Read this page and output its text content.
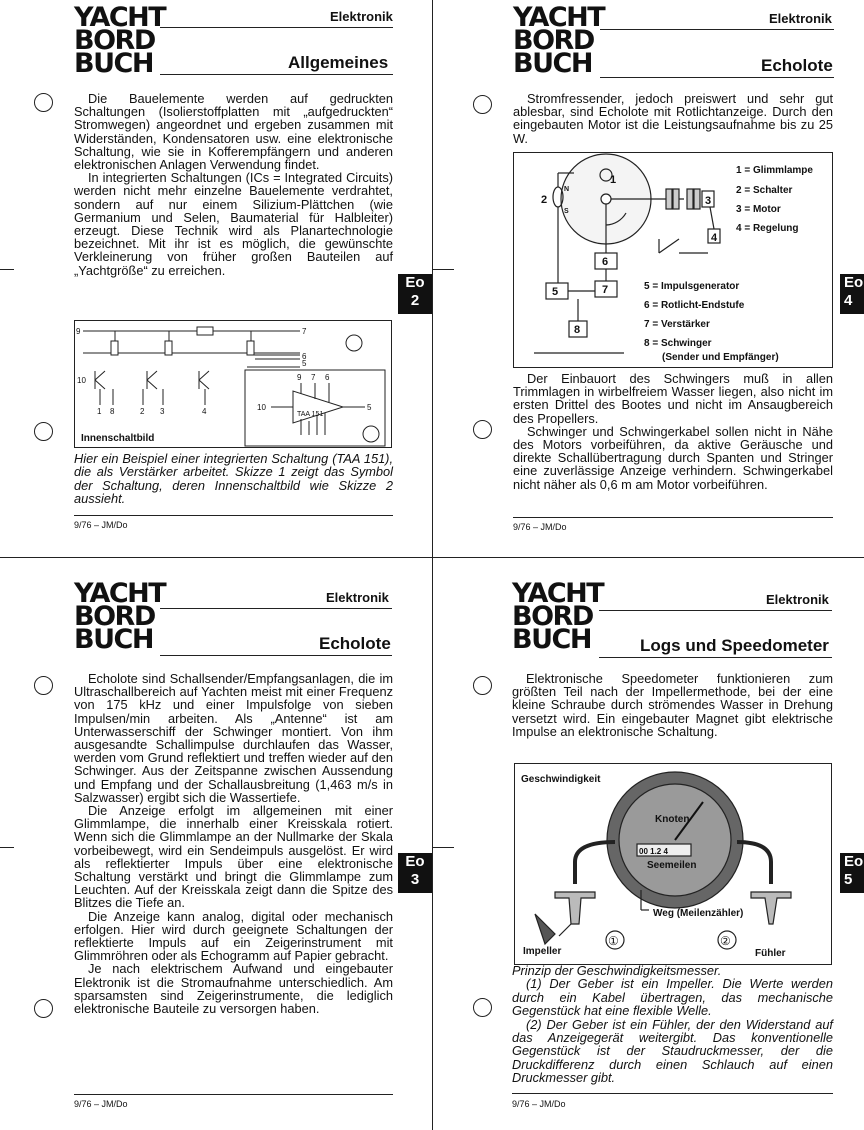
YACHT
BORD
BUCH
Elektronik
Allgemeines

Die Bauelemente werden auf gedruckten Schaltungen (Isolierstoffplatten mit „aufgedruckten“ Stromwegen) angeordnet und ergeben zusammen mit Widerständen, Kondensatoren usw. eine elektronische Schaltung, wie sie in Kofferempfängern und anderen elektronischen Anlagen Verwendung findet.

In integrierten Schaltungen (ICs = Integrated Circuits) werden nicht mehr einzelne Bauelemente verdrahtet, sondern auf nur einem Silizium-Plättchen (wie Germanium und Selen, Baumaterial für Halbleiter) erzeugt. Diese Technik wird als Planartechnologie bezeichnet. Mit ihr ist es möglich, die gewünschte Verkleinerung von früher großen Bauteilen auf „Yachtgröße“ zu erreichen.

9	7
6
5
10
1 8	2 3	4
9 7 6
10	5
TAA 151
Innenschaltbild

Hier ein Beispiel einer integrierten Schaltung (TAA 151), die als Verstärker arbeitet. Skizze 1 zeigt das Symbol der Schaltung, deren Innenschaltbild wie Skizze 2 aussieht.

9/76 – JM/Do
Eo
2
YACHT
BORD
BUCH
Elektronik
Echolote

Stromfressender, jedoch preiswert und sehr gut ablesbar, sind Echolote mit Rotlichtanzeige. Durch den eingebauten Motor ist die Leistungsaufnahme bis zu 25 W.

1
2	3
4
5
6
7
8
N
S
1 = Glimmlampe
2 = Schalter
3 = Motor
4 = Regelung
5 = Impulsgenerator
6 = Rotlicht-Endstufe
7 = Verstärker
8 = Schwinger
(Sender und Empfänger)

Der Einbauort des Schwingers muß in allen Trimmlagen in wirbelfreiem Wasser liegen, also nicht im ersten Drittel des Bootes und nicht im Ansaugbereich des Propellers.

Schwinger und Schwingerkabel sollen nicht in Nähe des Motors vorbeiführen, da aktive Geräusche und direkte Schallübertragung durch Spanten und Stringer eine zuverlässige Anzeige verhindern. Schwingerkabel nicht näher als 0,6 m am Motor vorbeiführen.

9/76 – JM/Do
Eo
4
YACHT
BORD
BUCH
Elektronik
Echolote

Echolote sind Schallsender/Empfangsanlagen, die im Ultraschallbereich auf Yachten meist mit einer Frequenz von 175 kHz und einer Impulsfolge von sieben Impulsen/min arbeiten. Als „Antenne“ ist am Unterwasserschiff der Schwinger montiert. Von ihm ausgesandte Schallimpulse durchlaufen das Wasser, werden vom Grund reflektiert und treffen wieder auf den Schwinger. Aus der Zeitspanne zwischen Aussendung und Empfang und der Schallausbreitung (1,463 m/s in Salzwasser) ergibt sich die Wassertiefe.

Die Anzeige erfolgt im allgemeinen mit einer Glimmlampe, die innerhalb einer Kreisskala rotiert. Wenn sich die Glimmlampe an der Nullmarke der Skala vorbeibewegt, wird ein Sendeimpuls ausgelöst. Er wird als reflektierter Impuls über eine elektronische Schaltung verstärkt und bringt die Glimmlampe zum Leuchten. Auf der Kreisskala zeigt dann die Spitze des Blitzes die Tiefe an.

Die Anzeige kann analog, digital oder mechanisch erfolgen. Hier wird durch geeignete Schaltungen der reflektierte Impuls auf ein Zeigerinstrument mit Glimmröhren oder als Echogramm auf Papier gebracht.

Je nach elektrischem Aufwand und eingebauter Elektronik ist die Stromaufnahme unterschiedlich. Am sparsamsten sind Zeigerinstrumente, die lediglich elektronische Bauteile zu versorgen haben.

9/76 – JM/Do
Eo
3
YACHT
BORD
BUCH
Elektronik
Logs und Speedometer

Elektronische Speedometer funktionieren zum größten Teil nach der Impellermethode, bei der eine kleine Schraube durch strömendes Wasser in Drehung versetzt wird. Ein eingebauter Magnet gibt elektrische Impulse an elektronische Schaltung.

Geschwindigkeit
Knoten
00 1.2 4
Seemeilen
Weg (Meilenzähler)
Impeller	Fühler
①	②

Prinzip der Geschwindigkeitsmesser.

(1) Der Geber ist ein Impeller. Die Werte werden durch ein Kabel übertragen, das mechanische Gegenstück hat eine flexible Welle.

(2) Der Geber ist ein Fühler, der den Widerstand auf das Anzeigegerät weitergibt. Das konventionelle Gegenstück ist der Staudruckmesser, der die Druckdifferenz durch einen Schlauch auf einen Druckmesser gibt.

9/76 – JM/Do
Eo
5
